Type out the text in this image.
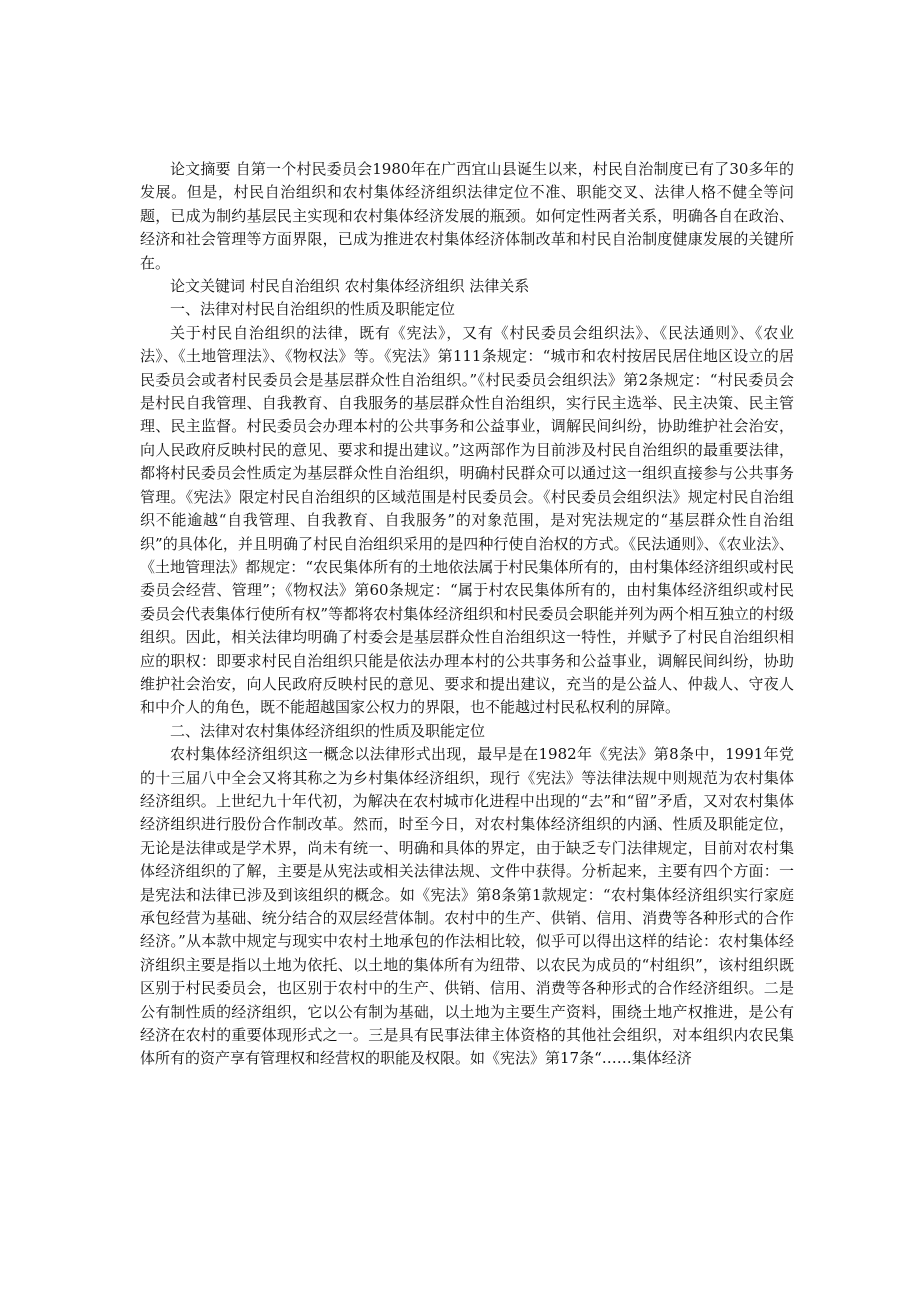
论文摘要 自第一个村民委员会1980年在广西宜山县诞生以来，村民自治制度已有了30多年的发展。但是，村民自治组织和农村集体经济组织法律定位不准、职能交叉、法律人格不健全等问题，已成为制约基层民主实现和农村集体经济发展的瓶颈。如何定性两者关系，明确各自在政治、经济和社会管理等方面界限，已成为推进农村集体经济体制改革和村民自治制度健康发展的关键所在。

论文关键词 村民自治组织 农村集体经济组织 法律关系

一、法律对村民自治组织的性质及职能定位

关于村民自治组织的法律，既有《宪法》，又有《村民委员会组织法》、《民法通则》、《农业法》、《土地管理法》、《物权法》等。《宪法》第111条规定：“城市和农村按居民居住地区设立的居民委员会或者村民委员会是基层群众性自治组织。”《村民委员会组织法》第2条规定：“村民委员会是村民自我管理、自我教育、自我服务的基层群众性自治组织，实行民主选举、民主决策、民主管理、民主监督。村民委员会办理本村的公共事务和公益事业，调解民间纠纷，协助维护社会治安，向人民政府反映村民的意见、要求和提出建议。”这两部作为目前涉及村民自治组织的最重要法律，都将村民委员会性质定为基层群众性自治组织，明确村民群众可以通过这一组织直接参与公共事务管理。《宪法》限定村民自治组织的区域范围是村民委员会。《村民委员会组织法》规定村民自治组织不能逾越“自我管理、自我教育、自我服务”的对象范围，是对宪法规定的“基层群众性自治组织”的具体化，并且明确了村民自治组织采用的是四种行使自治权的方式。《民法通则》、《农业法》、《土地管理法》都规定：“农民集体所有的土地依法属于村民集体所有的，由村集体经济组织或村民委员会经营、管理”；《物权法》第60条规定：“属于村农民集体所有的，由村集体经济组织或村民委员会代表集体行使所有权”等都将农村集体经济组织和村民委员会职能并列为两个相互独立的村级组织。因此，相关法律均明确了村委会是基层群众性自治组织这一特性，并赋予了村民自治组织相应的职权：即要求村民自治组织只能是依法办理本村的公共事务和公益事业，调解民间纠纷，协助维护社会治安，向人民政府反映村民的意见、要求和提出建议，充当的是公益人、仲裁人、守夜人和中介人的角色，既不能超越国家公权力的界限，也不能越过村民私权利的屏障。

二、法律对农村集体经济组织的性质及职能定位

农村集体经济组织这一概念以法律形式出现，最早是在1982年《宪法》第8条中，1991年党的十三届八中全会又将其称之为乡村集体经济组织，现行《宪法》等法律法规中则规范为农村集体经济组织。上世纪九十年代初，为解决在农村城市化进程中出现的“去”和“留”矛盾，又对农村集体经济组织进行股份合作制改革。然而，时至今日，对农村集体经济组织的内涵、性质及职能定位，无论是法律或是学术界，尚未有统一、明确和具体的界定，由于缺乏专门法律规定，目前对农村集体经济组织的了解，主要是从宪法或相关法律法规、文件中获得。分析起来，主要有四个方面：一是宪法和法律已涉及到该组织的概念。如《宪法》第8条第1款规定：“农村集体经济组织实行家庭承包经营为基础、统分结合的双层经营体制。农村中的生产、供销、信用、消费等各种形式的合作经济。”从本款中规定与现实中农村土地承包的作法相比较，似乎可以得出这样的结论：农村集体经济组织主要是指以土地为依托、以土地的集体所有为纽带、以农民为成员的“村组织”，该村组织既区别于村民委员会，也区别于农村中的生产、供销、信用、消费等各种形式的合作经济组织。二是公有制性质的经济组织，它以公有制为基础，以土地为主要生产资料，围绕土地产权推进，是公有经济在农村的重要体现形式之一。三是具有民事法律主体资格的其他社会组织，对本组织内农民集体所有的资产享有管理权和经营权的职能及权限。如《宪法》第17条“……集体经济
